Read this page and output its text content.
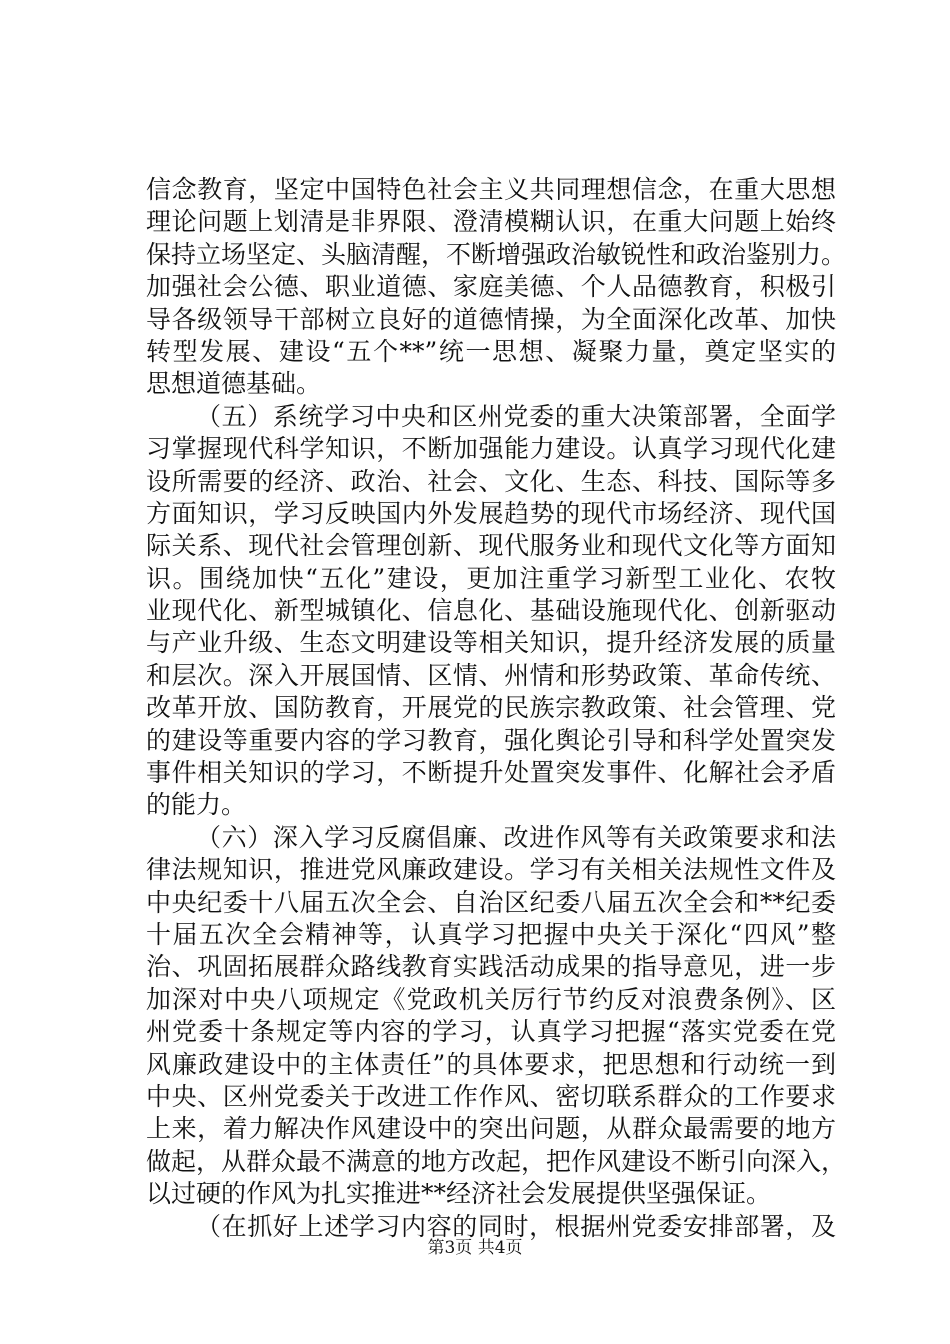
信念教育，坚定中国特色社会主义共同理想信念，在重大思想
理论问题上划清是非界限、澄清模糊认识，在重大问题上始终
保持立场坚定、头脑清醒，不断增强政治敏锐性和政治鉴别力。
加强社会公德、职业道德、家庭美德、个人品德教育，积极引
导各级领导干部树立良好的道德情操，为全面深化改革、加快
转型发展、建设“五个**”统一思想、凝聚力量，奠定坚实的
思想道德基础。
（五）系统学习中央和区州党委的重大决策部署，全面学
习掌握现代科学知识，不断加强能力建设。认真学习现代化建
设所需要的经济、政治、社会、文化、生态、科技、国际等多
方面知识，学习反映国内外发展趋势的现代市场经济、现代国
际关系、现代社会管理创新、现代服务业和现代文化等方面知
识。围绕加快“五化”建设，更加注重学习新型工业化、农牧
业现代化、新型城镇化、信息化、基础设施现代化、创新驱动
与产业升级、生态文明建设等相关知识，提升经济发展的质量
和层次。深入开展国情、区情、州情和形势政策、革命传统、
改革开放、国防教育，开展党的民族宗教政策、社会管理、党
的建设等重要内容的学习教育，强化舆论引导和科学处置突发
事件相关知识的学习，不断提升处置突发事件、化解社会矛盾
的能力。
（六）深入学习反腐倡廉、改进作风等有关政策要求和法
律法规知识，推进党风廉政建设。学习有关相关法规性文件及
中央纪委十八届五次全会、自治区纪委八届五次全会和**纪委
十届五次全会精神等，认真学习把握中央关于深化“四风”整
治、巩固拓展群众路线教育实践活动成果的指导意见，进一步
加深对中央八项规定《党政机关厉行节约反对浪费条例》、区
州党委十条规定等内容的学习，认真学习把握“落实党委在党
风廉政建设中的主体责任”的具体要求，把思想和行动统一到
中央、区州党委关于改进工作作风、密切联系群众的工作要求
上来，着力解决作风建设中的突出问题，从群众最需要的地方
做起，从群众最不满意的地方改起，把作风建设不断引向深入，
以过硬的作风为扎实推进**经济社会发展提供坚强保证。
（在抓好上述学习内容的同时，根据州党委安排部署，及
第3页 共4页
